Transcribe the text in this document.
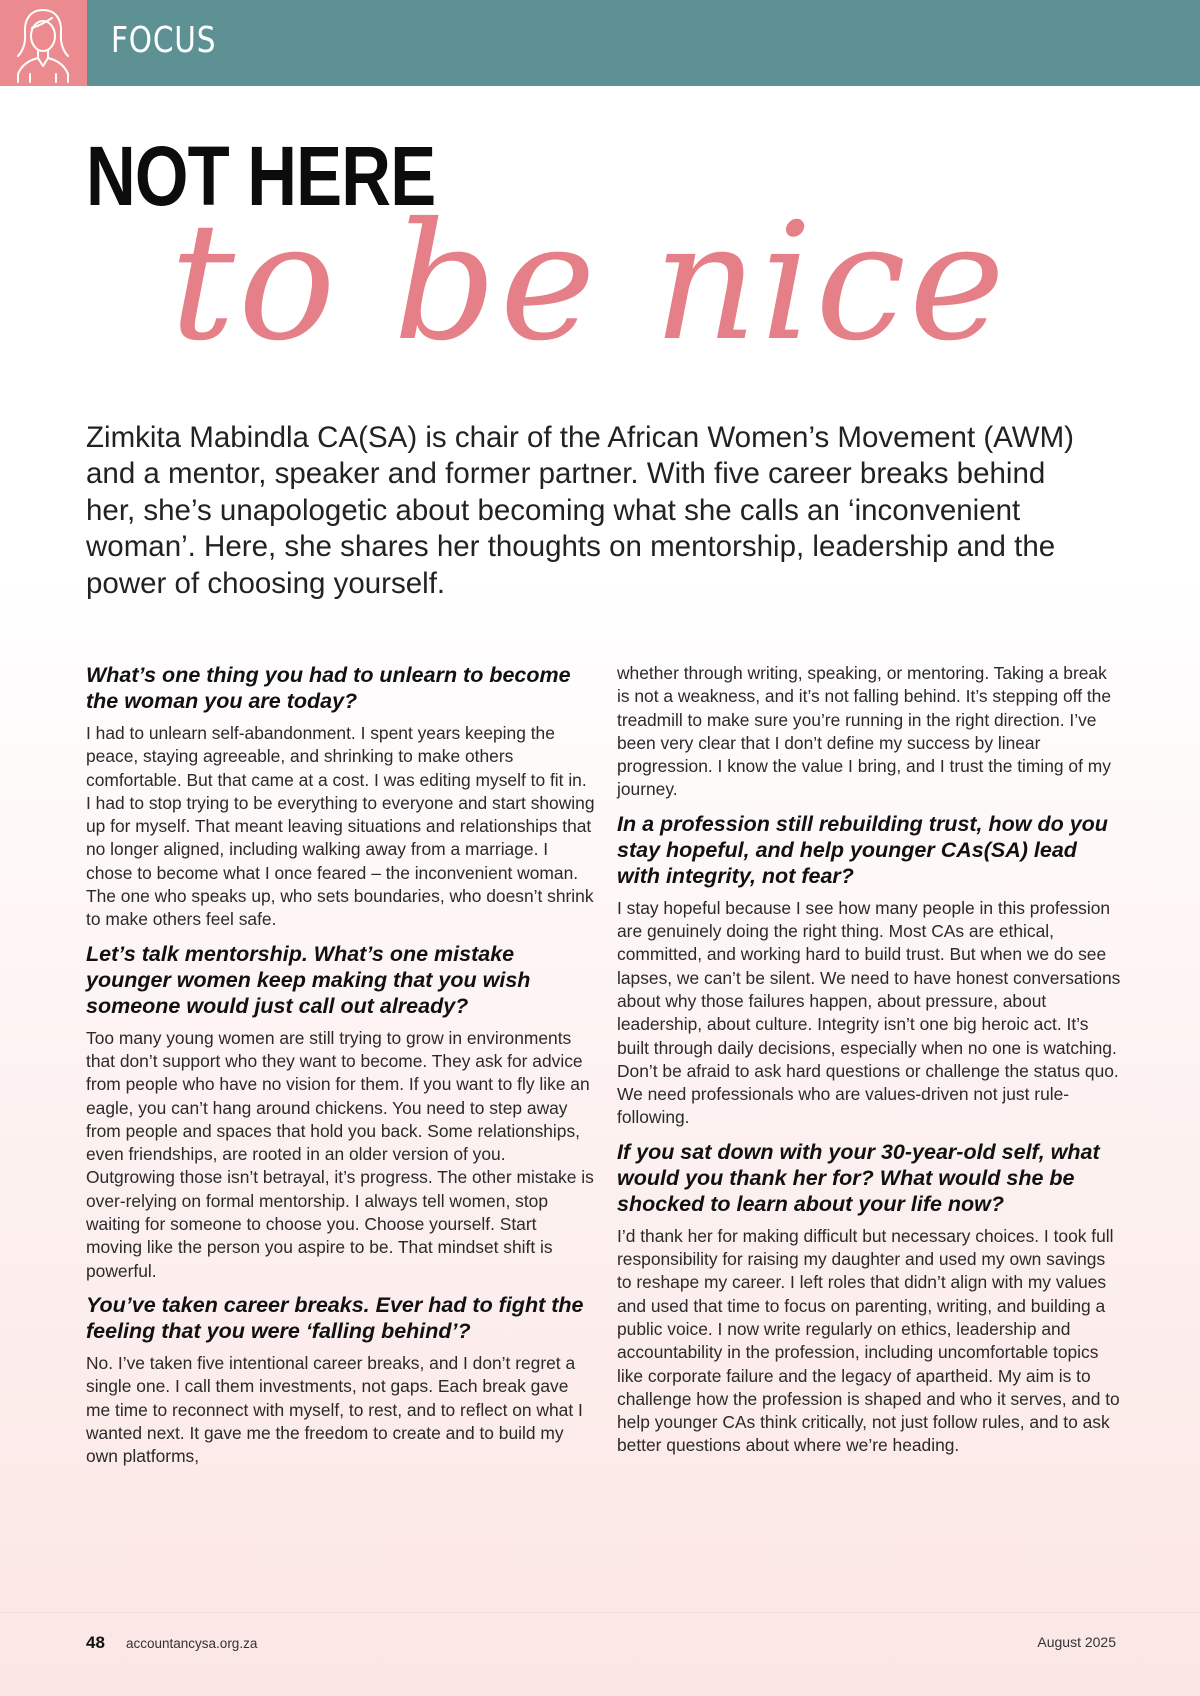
FOCUS
NOT HERE
to be nice

Zimkita Mabindla CA(SA) is chair of the African Women’s Movement (AWM) and a mentor, speaker and former partner. With five career breaks behind her, she’s unapologetic about becoming what she calls an ‘inconvenient woman’. Here, she shares her thoughts on mentorship, leadership and the power of choosing yourself.

What’s one thing you had to unlearn to become the woman you are today?

I had to unlearn self-abandonment. I spent years keeping the peace, staying agreeable, and shrinking to make others comfortable. But that came at a cost. I was editing myself to fit in. I had to stop trying to be everything to everyone and start showing up for myself. That meant leaving situations and relationships that no longer aligned, including walking away from a marriage. I chose to become what I once feared – the inconvenient woman. The one who speaks up, who sets boundaries, who doesn’t shrink to make others feel safe.

Let’s talk mentorship. What’s one mistake younger women keep making that you wish someone would just call out already?

Too many young women are still trying to grow in environments that don’t support who they want to become. They ask for advice from people who have no vision for them. If you want to fly like an eagle, you can’t hang around chickens. You need to step away from people and spaces that hold you back. Some relationships, even friendships, are rooted in an older version of you. Outgrowing those isn’t betrayal, it’s progress. The other mistake is over-relying on formal mentorship. I always tell women, stop waiting for someone to choose you. Choose yourself. Start moving like the person you aspire to be. That mindset shift is powerful.

You’ve taken career breaks. Ever had to fight the feeling that you were ‘falling behind’?

No. I’ve taken five intentional career breaks, and I don’t regret a single one. I call them investments, not gaps. Each break gave me time to reconnect with myself, to rest, and to reflect on what I wanted next. It gave me the freedom to create and to build my own platforms,

whether through writing, speaking, or mentoring. Taking a break is not a weakness, and it’s not falling behind. It’s stepping off the treadmill to make sure you’re running in the right direction. I’ve been very clear that I don’t define my success by linear progression. I know the value I bring, and I trust the timing of my journey.

In a profession still rebuilding trust, how do you stay hopeful, and help younger CAs(SA) lead with integrity, not fear?

I stay hopeful because I see how many people in this profession are genuinely doing the right thing. Most CAs are ethical, committed, and working hard to build trust. But when we do see lapses, we can’t be silent. We need to have honest conversations about why those failures happen, about pressure, about leadership, about culture. Integrity isn’t one big heroic act. It’s built through daily decisions, especially when no one is watching. Don’t be afraid to ask hard questions or challenge the status quo. We need professionals who are values-driven not just rule-following.

If you sat down with your 30-year-old self, what would you thank her for? What would she be shocked to learn about your life now?

I’d thank her for making difficult but necessary choices. I took full responsibility for raising my daughter and used my own savings to reshape my career. I left roles that didn’t align with my values and used that time to focus on parenting, writing, and building a public voice. I now write regularly on ethics, leadership and accountability in the profession, including uncomfortable topics like corporate failure and the legacy of apartheid. My aim is to challenge how the profession is shaped and who it serves, and to help younger CAs think critically, not just follow rules, and to ask better questions about where we’re heading.

48 accountancysa.org.za	August 2025
